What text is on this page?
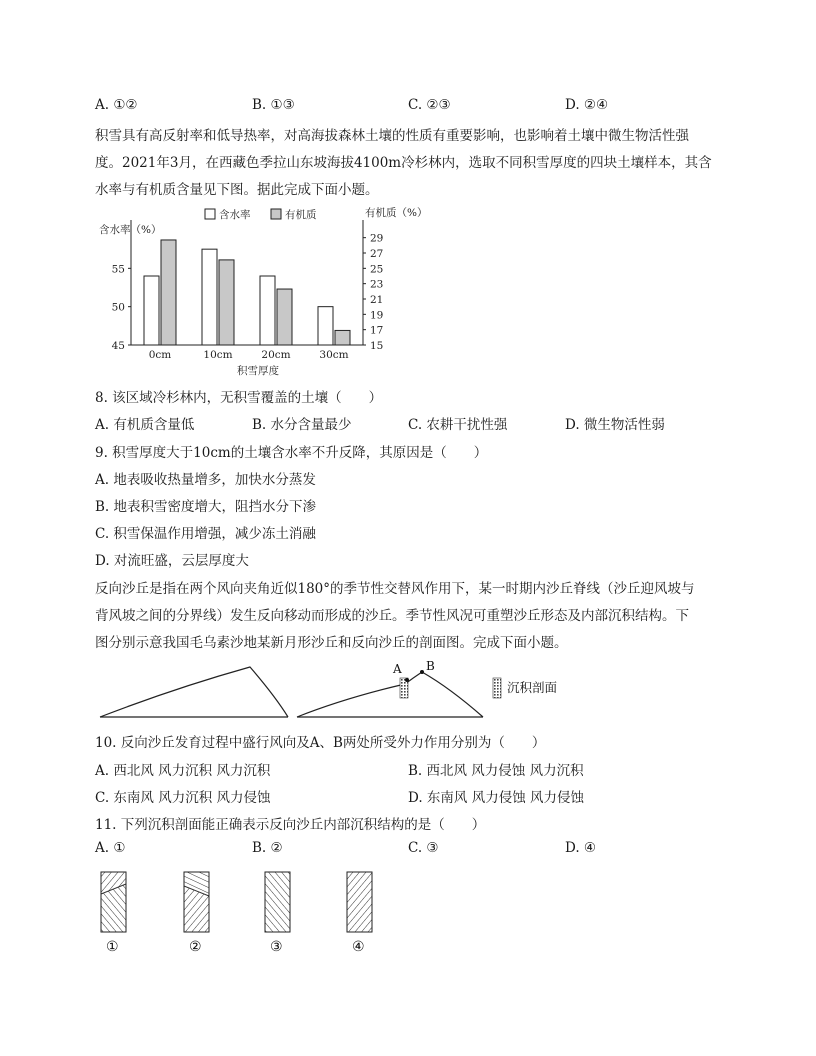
A. ①②	B. ①③	C. ②③	D. ②④
积雪具有高反射率和低导热率，对高海拔森林土壤的性质有重要影响，也影响着土壤中微生物活性强
度。2021年3月，在西藏色季拉山东坡海拔4100m冷杉林内，选取不同积雪厚度的四块土壤样本，其含
水率与有机质含量见下图。据此完成下面小题。
含水率（%）
有机质（%）
积雪厚度
含水率	有机质
45
50
55
15
17
19
21
23
25
27
29
0cm	10cm	20cm	30cm
8. 该区域冷杉林内，无积雪覆盖的土壤（　　）
A. 有机质含量低	B. 水分含量最少	C. 农耕干扰性强	D. 微生物活性弱
9. 积雪厚度大于10cm的土壤含水率不升反降，其原因是（　　）
A. 地表吸收热量增多，加快水分蒸发
B. 地表积雪密度增大，阻挡水分下渗
C. 积雪保温作用增强，减少冻土消融
D. 对流旺盛，云层厚度大
反向沙丘是指在两个风向夹角近似180°的季节性交替风作用下，某一时期内沙丘脊线（沙丘迎风坡与
背风坡之间的分界线）发生反向移动而形成的沙丘。季节性风况可重塑沙丘形态及内部沉积结构。下
图分别示意我国毛乌素沙地某新月形沙丘和反向沙丘的剖面图。完成下面小题。
A B
沉积剖面
10. 反向沙丘发育过程中盛行风向及A、B两处所受外力作用分别为（　　）
A. 西北风 风力沉积 风力沉积	B. 西北风 风力侵蚀 风力沉积
C. 东南风 风力沉积 风力侵蚀	D. 东南风 风力侵蚀 风力侵蚀
11. 下列沉积剖面能正确表示反向沙丘内部沉积结构的是（　　）
A. ①	B. ②	C. ③	D. ④
①	②	③	④
